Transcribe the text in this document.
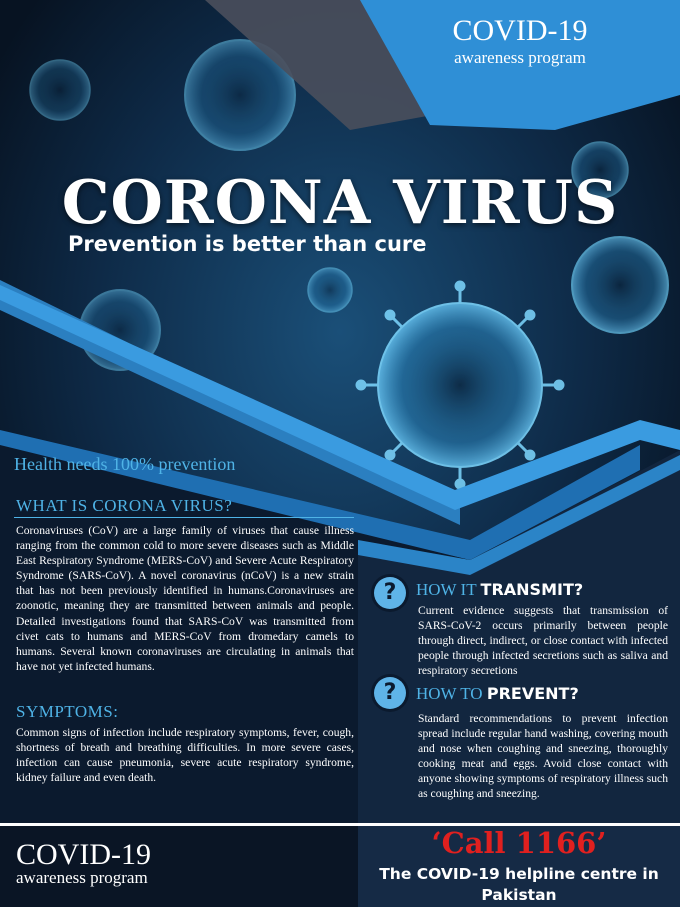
COVID-19
awareness program
CORONA VIRUS
Prevention is better than cure
Health needs 100% prevention
WHAT IS CORONA VIRUS?
Coronaviruses (CoV) are a large family of viruses that cause illness ranging from the common cold to more severe diseases such as Middle East Respiratory Syndrome (MERS-CoV) and Severe Acute Respiratory Syndrome (SARS-CoV). A novel coronavirus (nCoV) is a new strain that has not been previously identified in humans.Coronaviruses are zoonotic, meaning they are transmitted between animals and people. Detailed investigations found that SARS-CoV was transmitted from civet cats to humans and MERS-CoV from dromedary camels to humans. Several known coronaviruses are circulating in animals that have not yet infected humans.
SYMPTOMS:
Common signs of infection include respiratory symptoms, fever, cough, shortness of breath and breathing difficulties. In more severe cases, infection can cause pneumonia, severe acute respiratory syndrome, kidney failure and even death.
?	HOW IT TRANSMIT?
Current evidence suggests that transmission of SARS-CoV-2 occurs primarily between people through direct, indirect, or close contact with infected people through infected secretions such as saliva and respiratory secretions
?	HOW TO PREVENT?
Standard recommendations to prevent infection spread include regular hand washing, covering mouth and nose when coughing and sneezing, thoroughly cooking meat and eggs. Avoid close contact with anyone showing symptoms of respiratory illness such as coughing and sneezing.
COVID-19
awareness program
‘Call 1166’
The COVID-19 helpline centre in Pakistan
